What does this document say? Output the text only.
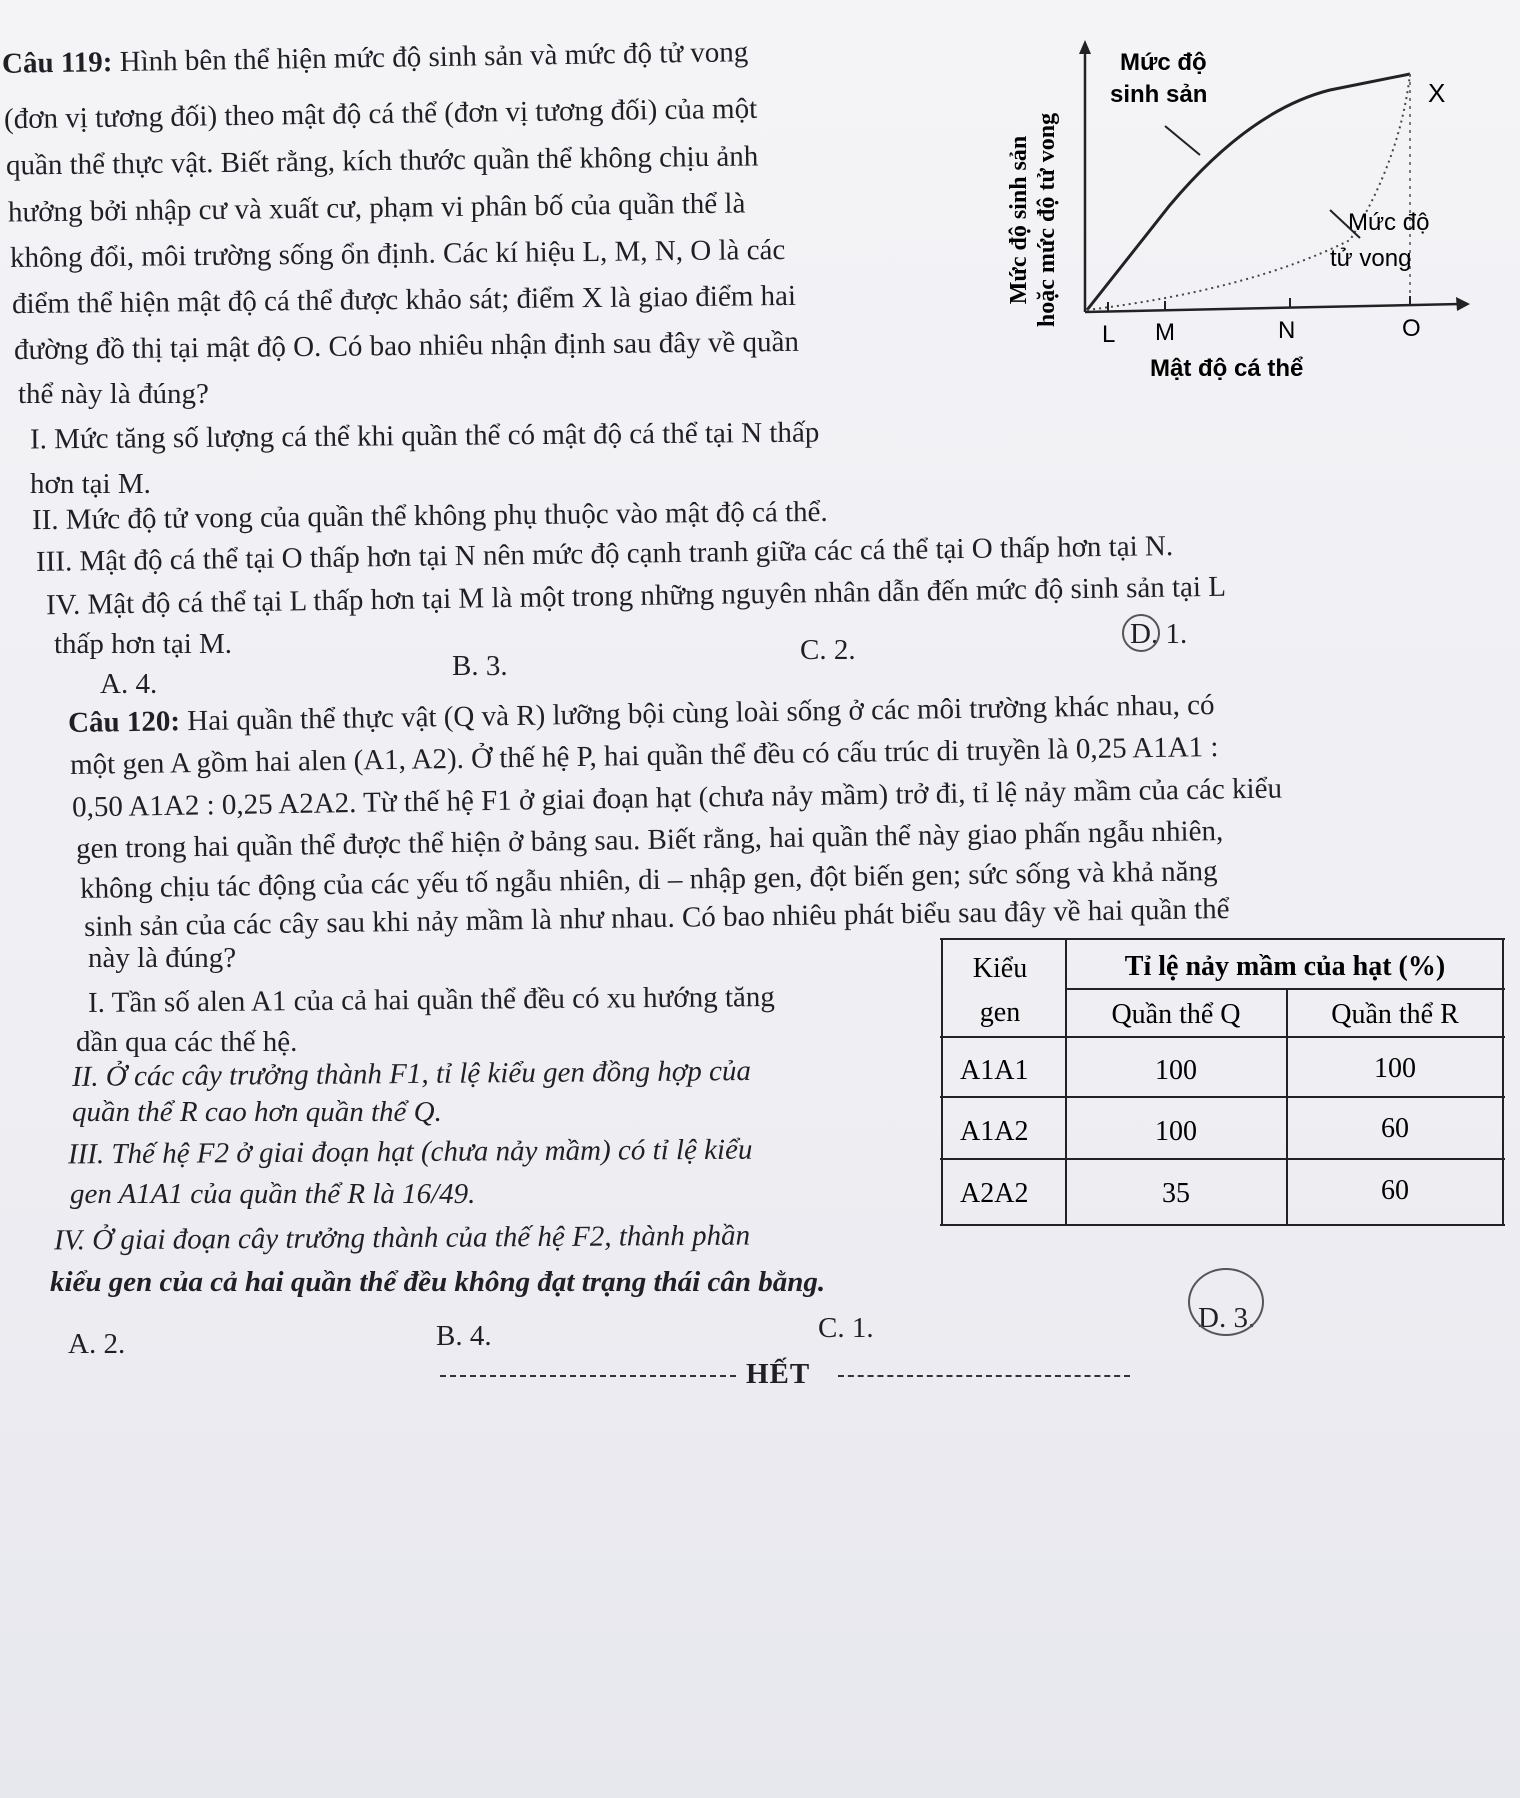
Câu 119: Hình bên thể hiện mức độ sinh sản và mức độ tử vong
(đơn vị tương đối) theo mật độ cá thể (đơn vị tương đối) của một
quần thể thực vật. Biết rằng, kích thước quần thể không chịu ảnh
hưởng bởi nhập cư và xuất cư, phạm vi phân bố của quần thể là
không đổi, môi trường sống ổn định. Các kí hiệu L, M, N, O là các
điểm thể hiện mật độ cá thể được khảo sát; điểm X là giao điểm hai
đường đồ thị tại mật độ O. Có bao nhiêu nhận định sau đây về quần
thể này là đúng?
I. Mức tăng số lượng cá thể khi quần thể có mật độ cá thể tại N thấp
hơn tại M.
II. Mức độ tử vong của quần thể không phụ thuộc vào mật độ cá thể.
III. Mật độ cá thể tại O thấp hơn tại N nên mức độ cạnh tranh giữa các cá thể tại O thấp hơn tại N.
IV. Mật độ cá thể tại L thấp hơn tại M là một trong những nguyên nhân dẫn đến mức độ sinh sản tại L
thấp hơn tại M.
A. 4.
B. 3.	C. 2.	D. 1.
Mức độ sinh sản hoặc mức độ tử vong
Mức độ
sinh sản
Mức độ
tử vong
X
L M	N	O
Mật độ cá thể
Câu 120: Hai quần thể thực vật (Q và R) lưỡng bội cùng loài sống ở các môi trường khác nhau, có
một gen A gồm hai alen (A1, A2). Ở thế hệ P, hai quần thể đều có cấu trúc di truyền là 0,25 A1A1 :
0,50 A1A2 : 0,25 A2A2. Từ thế hệ F1 ở giai đoạn hạt (chưa nảy mầm) trở đi, tỉ lệ nảy mầm của các kiểu
gen trong hai quần thể được thể hiện ở bảng sau. Biết rằng, hai quần thể này giao phấn ngẫu nhiên,
không chịu tác động của các yếu tố ngẫu nhiên, di – nhập gen, đột biến gen; sức sống và khả năng
sinh sản của các cây sau khi nảy mầm là như nhau. Có bao nhiêu phát biểu sau đây về hai quần thể
này là đúng?
I. Tần số alen A1 của cả hai quần thể đều có xu hướng tăng
dần qua các thế hệ.
II. Ở các cây trưởng thành F1, tỉ lệ kiểu gen đồng hợp của
quần thể R cao hơn quần thể Q.
III. Thế hệ F2 ở giai đoạn hạt (chưa nảy mầm) có tỉ lệ kiểu
gen A1A1 của quần thể R là 16/49.
IV. Ở giai đoạn cây trưởng thành của thế hệ F2, thành phần
kiểu gen của cả hai quần thể đều không đạt trạng thái cân bằng.
Kiểu
gen
Tỉ lệ nảy mầm của hạt (%)
Quần thể Q	Quần thể R
A1A1	100	100
A1A2	100	60
A2A2	35	60
A. 2.	B. 4.	C. 1.	D. 3.
HẾT
